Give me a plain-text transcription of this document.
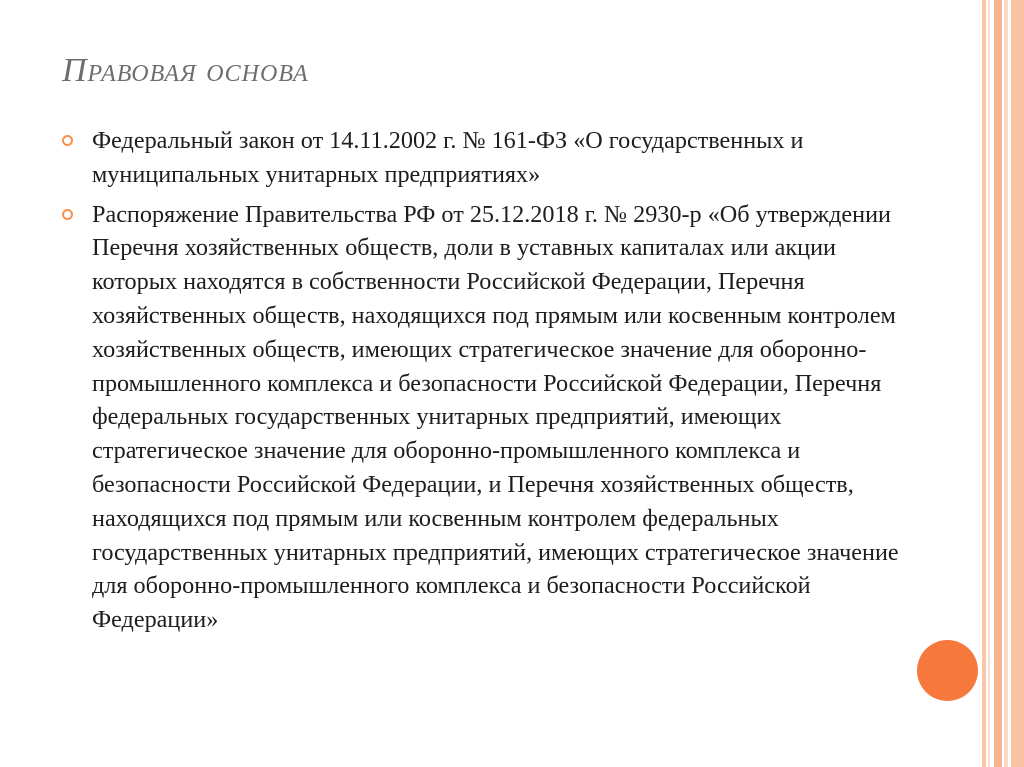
Правовая основа
Федеральный закон от 14.11.2002 г. № 161-ФЗ «О государственных и муниципальных унитарных предприятиях»
Распоряжение Правительства РФ от 25.12.2018 г. № 2930-р «Об утверждении Перечня хозяйственных обществ, доли в уставных капиталах или акции которых находятся в собственности Российской Федерации, Перечня хозяйственных обществ, находящихся под прямым или косвенным контролем хозяйственных обществ, имеющих стратегическое значение для оборонно-промышленного комплекса и безопасности Российской Федерации, Перечня федеральных государственных унитарных предприятий, имеющих стратегическое значение для оборонно-промышленного комплекса и безопасности Российской Федерации, и Перечня хозяйственных обществ, находящихся под прямым или косвенным контролем федеральных государственных унитарных предприятий, имеющих стратегическое значение для оборонно-промышленного комплекса и безопасности Российской Федерации»
